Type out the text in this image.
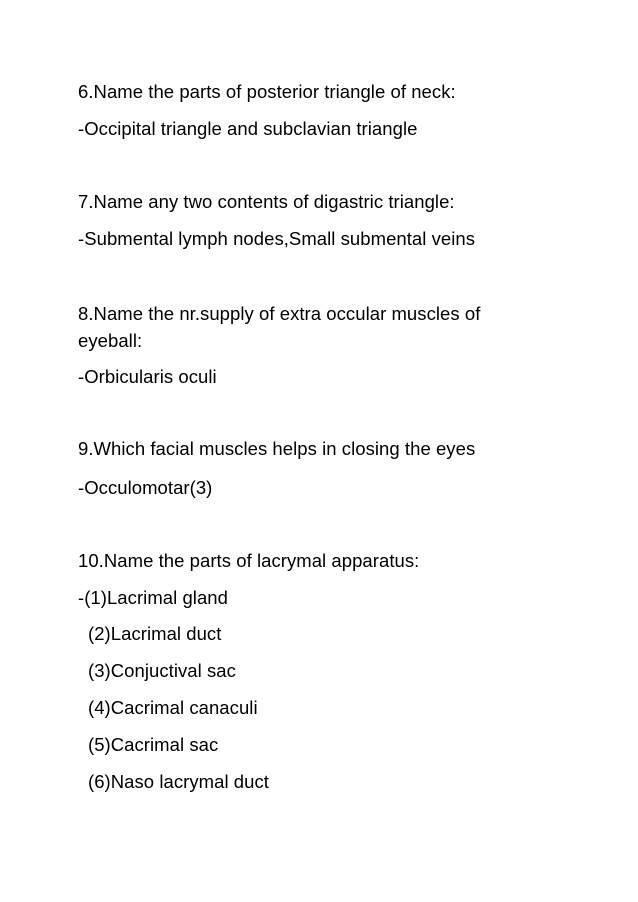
6.Name the parts of posterior triangle of neck:
-Occipital triangle and subclavian triangle
7.Name any two contents of digastric triangle:
-Submental lymph nodes,Small submental veins
8.Name the nr.supply of extra occular muscles of
eyeball:
-Orbicularis oculi
9.Which facial muscles helps in closing the eyes
-Occulomotar(3)
10.Name the parts of lacrymal apparatus:
-(1)Lacrimal gland
(2)Lacrimal duct
(3)Conjuctival sac
(4)Cacrimal canaculi
(5)Cacrimal sac
(6)Naso lacrymal duct
